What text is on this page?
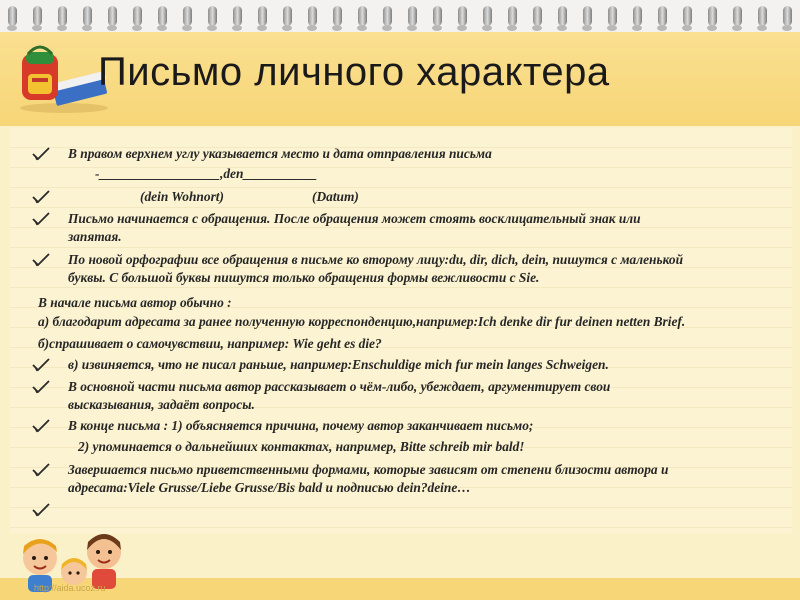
Письмо личного характера
В правом верхнем углу указывается место и дата отправления письма
-__________________,den___________
(dein Wohnort)	(Datum)
Письмо начинается с обращения. После обращения может стоять восклицательный знак или
запятая.
По новой орфографии все обращения в письме ко второму лицу:du, dir, dich, dein, пишутся с маленькой
буквы. С большой буквы пишутся только обращения формы вежливости с Sie.
В начале письма автор обычно :
а) благодарит адресата за ранее полученную корреспонденцию,например:Ich denke dir fur deinen netten Brief.
б)спрашивает о самочувствии, например: Wie geht es die?
в) извиняется, что не писал раньше, например:Enschuldige mich fur mein langes Schweigen.
В основной части письма автор рассказывает о чём-либо, убеждает, аргументирует свои
высказывания, задаёт вопросы.
В конце письма : 1) объясняется причина, почему автор заканчивает письмо;
2) упоминается о дальнейших контактах, например, Bitte schreib mir bald!
Завершается письмо приветственными формами, которые зависят от степени близости автора и
адресата:Viele Grusse/Liebe Grusse/Bis bald и подписью dein?deine…
http://aida.ucoz.ru
